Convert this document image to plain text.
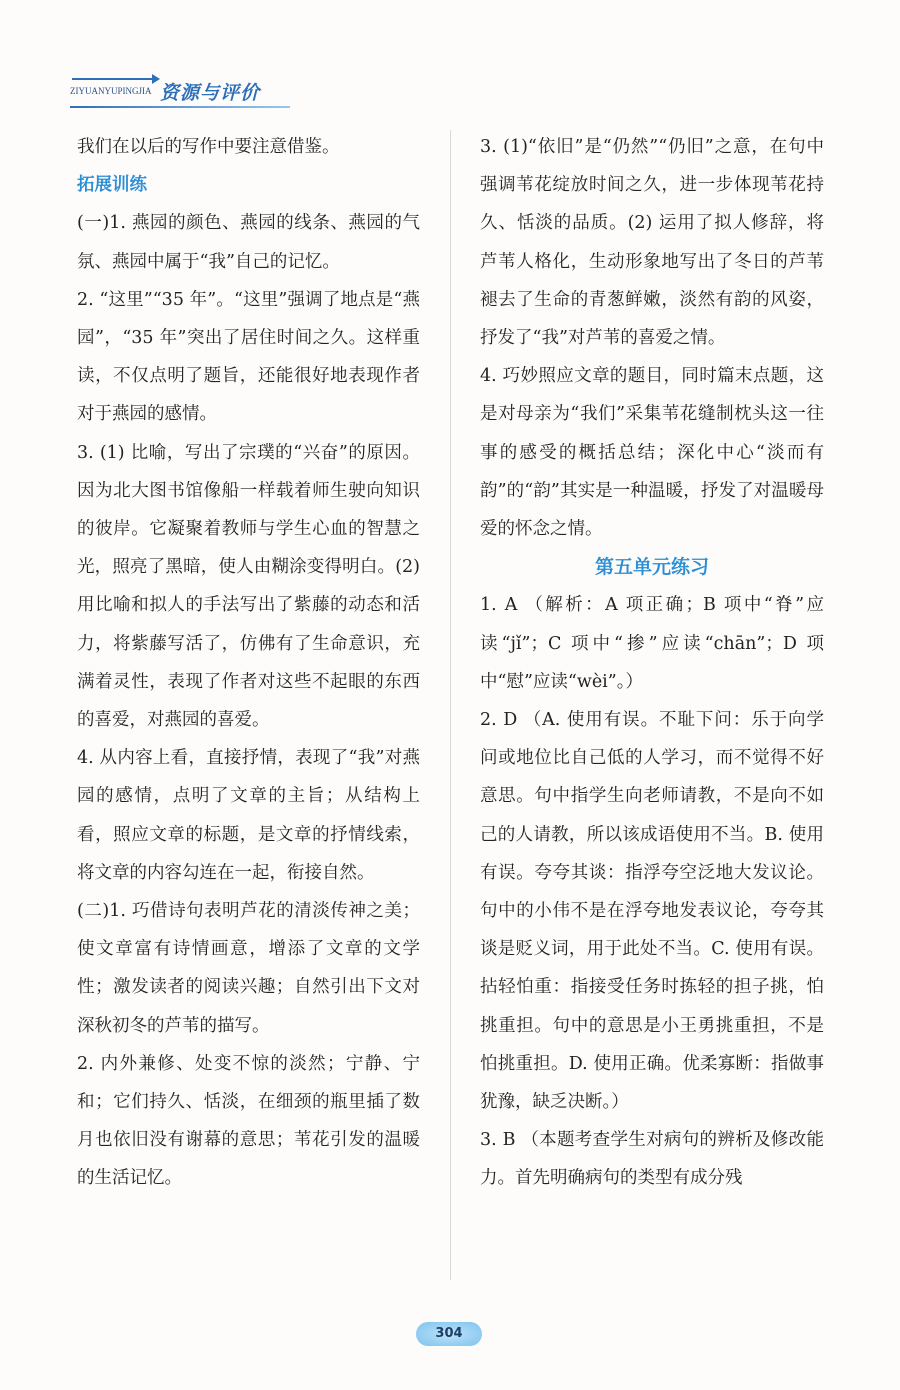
ZIYUANYUPINGJIA 资源与评价

我们在以后的写作中要注意借鉴。

拓展训练

(一)1. 燕园的颜色、燕园的线条、燕园的气氛、燕园中属于“我”自己的记忆。

2. “这里”“35 年”。“这里”强调了地点是“燕园”，“35 年”突出了居住时间之久。这样重读，不仅点明了题旨，还能很好地表现作者对于燕园的感情。

3. (1) 比喻，写出了宗璞的“兴奋”的原因。因为北大图书馆像船一样载着师生驶向知识的彼岸。它凝聚着教师与学生心血的智慧之光，照亮了黑暗，使人由糊涂变得明白。(2) 用比喻和拟人的手法写出了紫藤的动态和活力，将紫藤写活了，仿佛有了生命意识，充满着灵性，表现了作者对这些不起眼的东西的喜爱，对燕园的喜爱。

4. 从内容上看，直接抒情，表现了“我”对燕园的感情，点明了文章的主旨；从结构上看，照应文章的标题，是文章的抒情线索，将文章的内容勾连在一起，衔接自然。

(二)1. 巧借诗句表明芦花的清淡传神之美；使文章富有诗情画意，增添了文章的文学性；激发读者的阅读兴趣；自然引出下文对深秋初冬的芦苇的描写。

2. 内外兼修、处变不惊的淡然；宁静、宁和；它们持久、恬淡，在细颈的瓶里插了数月也依旧没有谢幕的意思；苇花引发的温暖的生活记忆。

3. (1)“依旧”是“仍然”“仍旧”之意，在句中强调苇花绽放时间之久，进一步体现苇花持久、恬淡的品质。(2) 运用了拟人修辞，将芦苇人格化，生动形象地写出了冬日的芦苇褪去了生命的青葱鲜嫩，淡然有韵的风姿，抒发了“我”对芦苇的喜爱之情。

4. 巧妙照应文章的题目，同时篇末点题，这是对母亲为“我们”采集苇花缝制枕头这一往事的感受的概括总结；深化中心“淡而有韵”的“韵”其实是一种温暖，抒发了对温暖母爱的怀念之情。

第五单元练习

1. A （解析：A 项正确；B 项中“脊”应读“jǐ”；C 项中“掺”应读“chān”；D 项中“慰”应读“wèi”。）

2. D （A. 使用有误。不耻下问：乐于向学问或地位比自己低的人学习，而不觉得不好意思。句中指学生向老师请教，不是向不如己的人请教，所以该成语使用不当。B. 使用有误。夸夸其谈：指浮夸空泛地大发议论。句中的小伟不是在浮夸地发表议论，夸夸其谈是贬义词，用于此处不当。C. 使用有误。拈轻怕重：指接受任务时拣轻的担子挑，怕挑重担。句中的意思是小王勇挑重担，不是怕挑重担。D. 使用正确。优柔寡断：指做事犹豫，缺乏决断。）

3. B （本题考查学生对病句的辨析及修改能力。首先明确病句的类型有成分残

304
